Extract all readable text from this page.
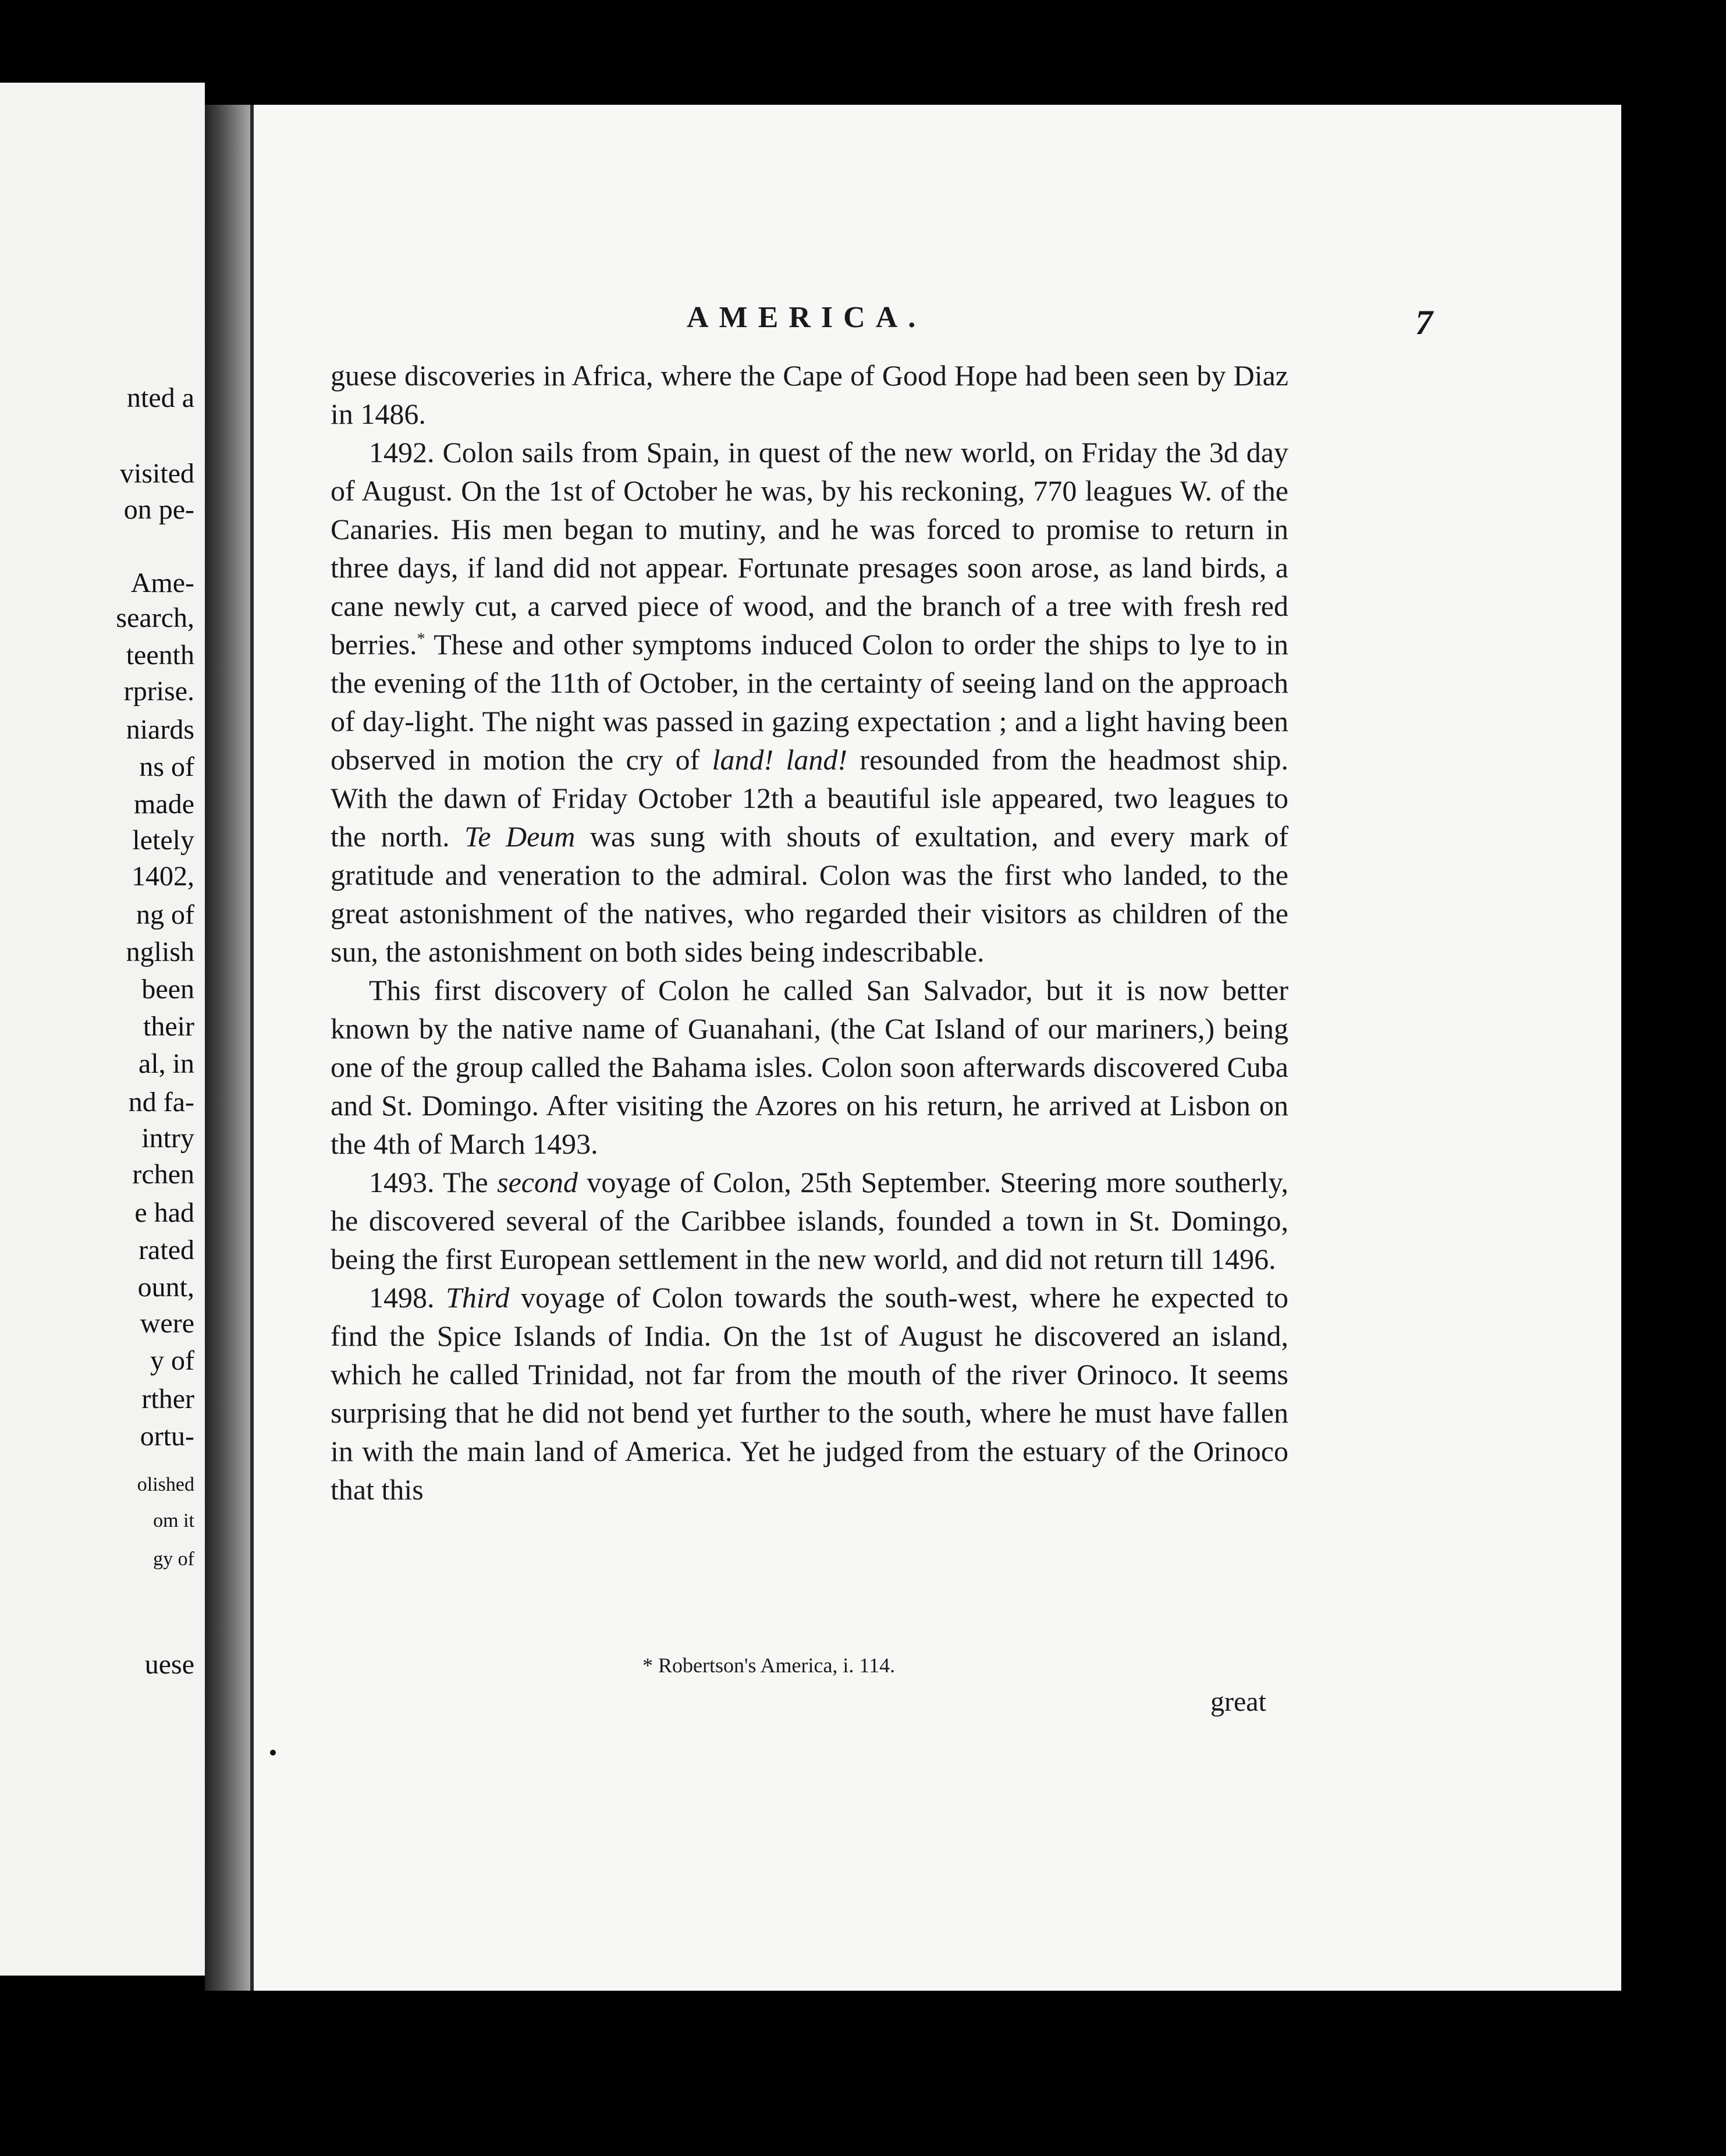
nted a
visited
on pe-
Ame-
search,
teenth
rprise.
niards
ns of
made
letely
1402,
ng of
nglish
been
their
al, in
nd fa-
intry
rchen
e had
rated
ount,
were
y of
rther
ortu-
olished
om it
gy of
uese
AMERICA.	7

guese discoveries in Africa, where the Cape of Good Hope had been seen by Diaz in 1486.

1492. Colon sails from Spain, in quest of the new world, on Friday the 3d day of August. On the 1st of October he was, by his reckoning, 770 leagues W. of the Canaries. His men began to mutiny, and he was forced to promise to return in three days, if land did not appear. Fortunate presages soon arose, as land birds, a cane newly cut, a carved piece of wood, and the branch of a tree with fresh red berries.* These and other symptoms induced Colon to order the ships to lye to in the evening of the 11th of October, in the certainty of seeing land on the approach of day-light. The night was passed in gazing expectation ; and a light having been observed in motion the cry of land! land! resounded from the headmost ship. With the dawn of Friday October 12th a beautiful isle appeared, two leagues to the north. Te Deum was sung with shouts of exultation, and every mark of gratitude and veneration to the admiral. Colon was the first who landed, to the great astonishment of the natives, who regarded their visitors as children of the sun, the astonishment on both sides being indescribable.

This first discovery of Colon he called San Salvador, but it is now better known by the native name of Guanahani, (the Cat Island of our mariners,) being one of the group called the Bahama isles. Colon soon afterwards discovered Cuba and St. Domingo. After visiting the Azores on his return, he arrived at Lisbon on the 4th of March 1493.

1493. The second voyage of Colon, 25th September. Steering more southerly, he discovered several of the Caribbee islands, founded a town in St. Domingo, being the first European settlement in the new world, and did not return till 1496.

1498. Third voyage of Colon towards the south-west, where he expected to find the Spice Islands of India. On the 1st of August he discovered an island, which he called Trinidad, not far from the mouth of the river Orinoco. It seems surprising that he did not bend yet further to the south, where he must have fallen in with the main land of America. Yet he judged from the estuary of the Orinoco that this

* Robertson's America, i. 114.
great
